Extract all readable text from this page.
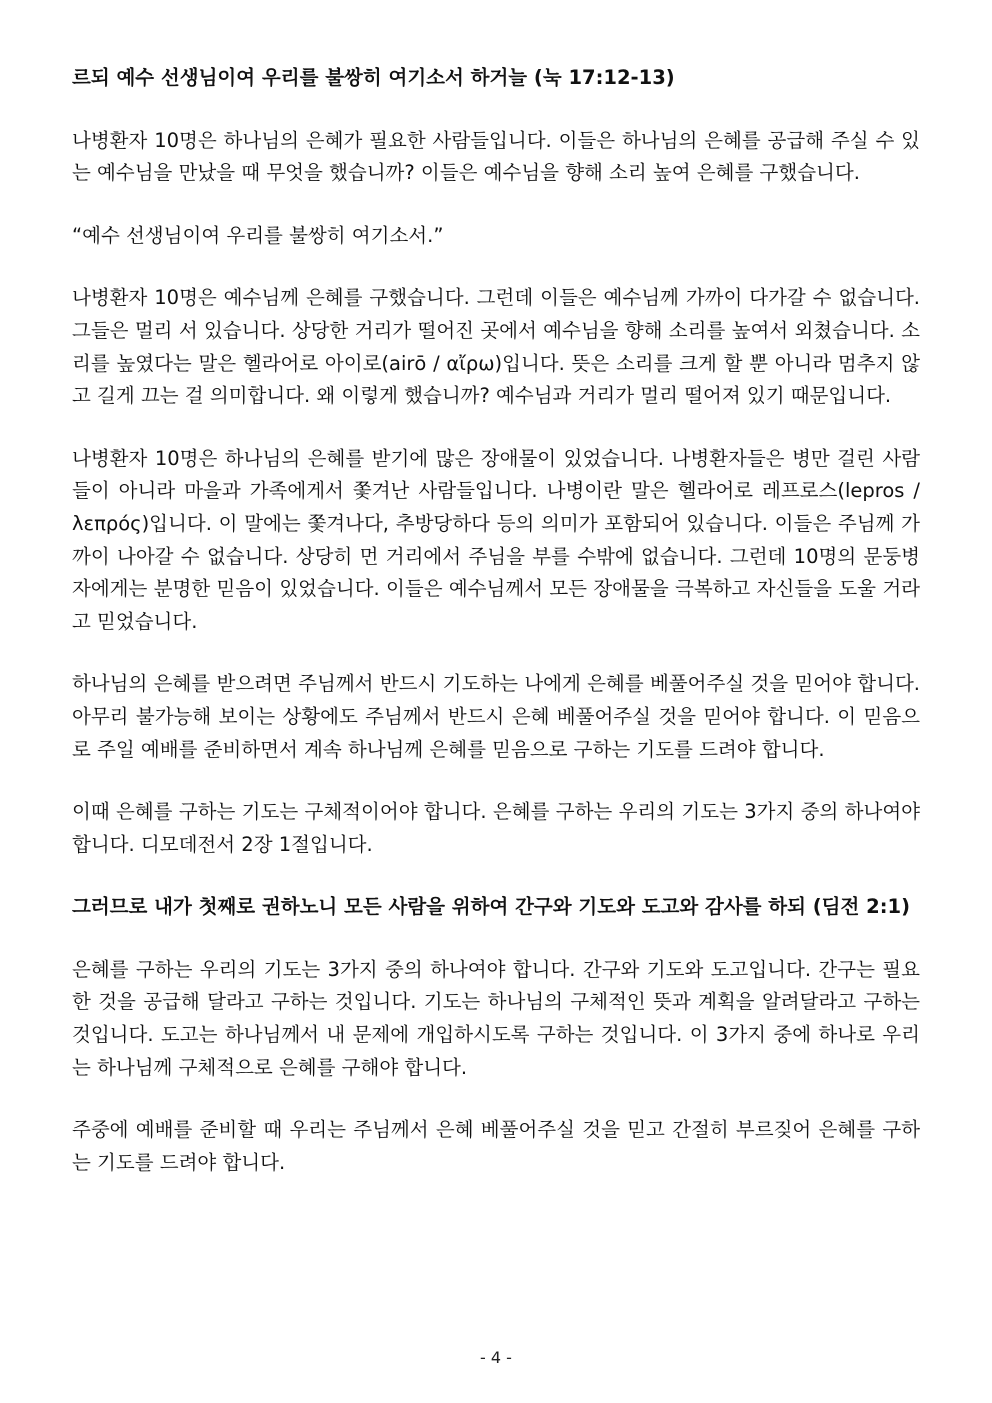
르되 예수 선생님이여 우리를 불쌍히 여기소서 하거늘 (눅 17:12-13)

나병환자 10명은 하나님의 은혜가 필요한 사람들입니다. 이들은 하나님의 은혜를 공급해 주실 수 있는 예수님을 만났을 때 무엇을 했습니까? 이들은 예수님을 향해 소리 높여 은혜를 구했습니다.

“예수 선생님이여 우리를 불쌍히 여기소서.”

나병환자 10명은 예수님께 은혜를 구했습니다. 그런데 이들은 예수님께 가까이 다가갈 수 없습니다. 그들은 멀리 서 있습니다. 상당한 거리가 떨어진 곳에서 예수님을 향해 소리를 높여서 외쳤습니다. 소리를 높였다는 말은 헬라어로 아이로(airō / αἴρω)입니다. 뜻은 소리를 크게 할 뿐 아니라 멈추지 않고 길게 끄는 걸 의미합니다. 왜 이렇게 했습니까? 예수님과 거리가 멀리 떨어져 있기 때문입니다.

나병환자 10명은 하나님의 은혜를 받기에 많은 장애물이 있었습니다. 나병환자들은 병만 걸린 사람들이 아니라 마을과 가족에게서 쫓겨난 사람들입니다. 나병이란 말은 헬라어로 레프로스(lepros / λεπρός)입니다. 이 말에는 쫓겨나다, 추방당하다 등의 의미가 포함되어 있습니다. 이들은 주님께 가까이 나아갈 수 없습니다. 상당히 먼 거리에서 주님을 부를 수밖에 없습니다. 그런데 10명의 문둥병자에게는 분명한 믿음이 있었습니다. 이들은 예수님께서 모든 장애물을 극복하고 자신들을 도울 거라고 믿었습니다.

하나님의 은혜를 받으려면 주님께서 반드시 기도하는 나에게 은혜를 베풀어주실 것을 믿어야 합니다. 아무리 불가능해 보이는 상황에도 주님께서 반드시 은혜 베풀어주실 것을 믿어야 합니다. 이 믿음으로 주일 예배를 준비하면서 계속 하나님께 은혜를 믿음으로 구하는 기도를 드려야 합니다.

이때 은혜를 구하는 기도는 구체적이어야 합니다. 은혜를 구하는 우리의 기도는 3가지 중의 하나여야 합니다. 디모데전서 2장 1절입니다.

그러므로 내가 첫째로 권하노니 모든 사람을 위하여 간구와 기도와 도고와 감사를 하되 (딤전 2:1)

은혜를 구하는 우리의 기도는 3가지 중의 하나여야 합니다. 간구와 기도와 도고입니다. 간구는 필요한 것을 공급해 달라고 구하는 것입니다. 기도는 하나님의 구체적인 뜻과 계획을 알려달라고 구하는 것입니다. 도고는 하나님께서 내 문제에 개입하시도록 구하는 것입니다. 이 3가지 중에 하나로 우리는 하나님께 구체적으로 은혜를 구해야 합니다.

주중에 예배를 준비할 때 우리는 주님께서 은혜 베풀어주실 것을 믿고 간절히 부르짖어 은혜를 구하는 기도를 드려야 합니다.

- 4 -
